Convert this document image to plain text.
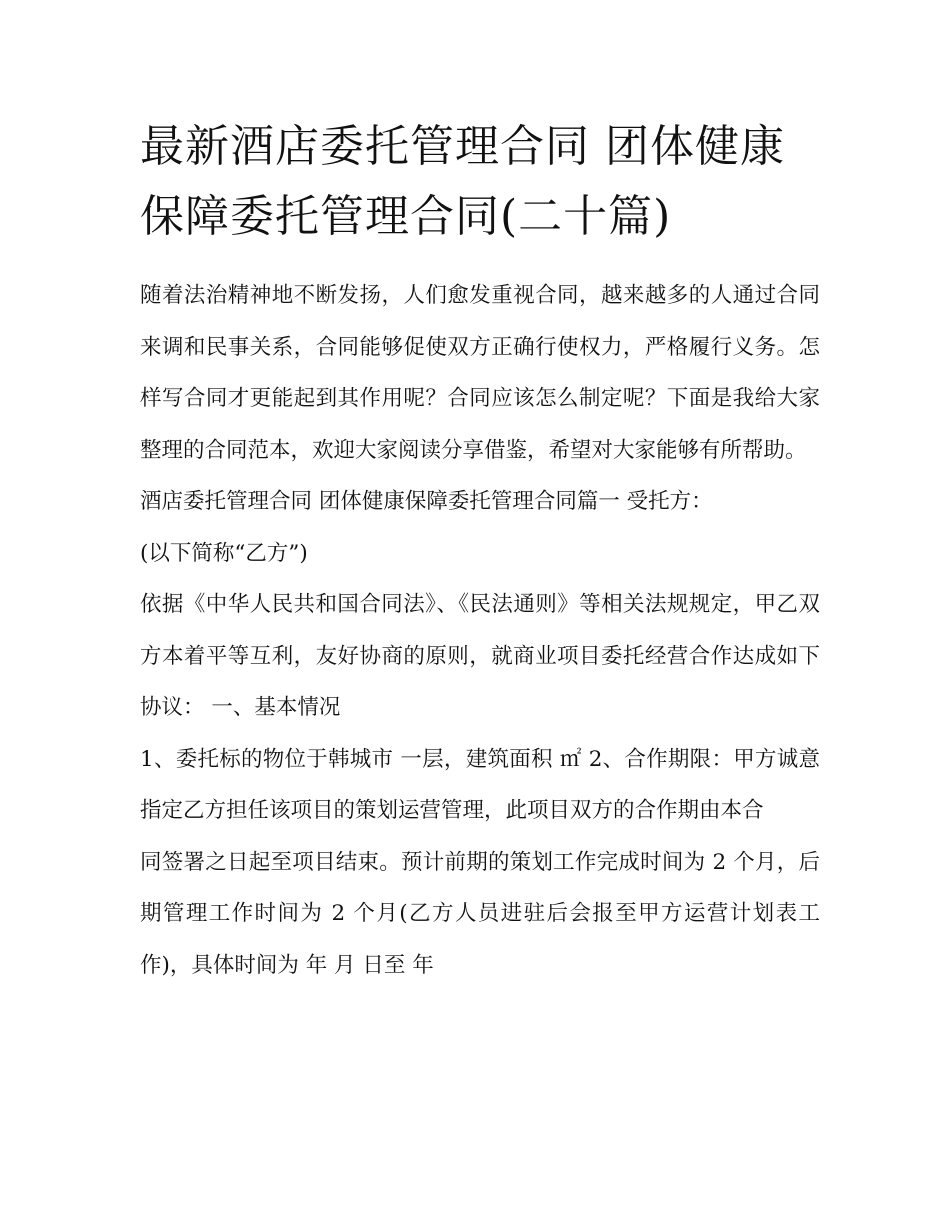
最新酒店委托管理合同 团体健康保障委托管理合同(二十篇)

随着法治精神地不断发扬，人们愈发重视合同，越来越多的人通过合同来调和民事关系，合同能够促使双方正确行使权力，严格履行义务。怎样写合同才更能起到其作用呢？合同应该怎么制定呢？下面是我给大家整理的合同范本，欢迎大家阅读分享借鉴，希望对大家能够有所帮助。

酒店委托管理合同 团体健康保障委托管理合同篇一 受托方：

(以下简称“乙方”)

依据《中华人民共和国合同法》、《民法通则》等相关法规规定，甲乙双方本着平等互利，友好协商的原则，就商业项目委托经营合作达成如下协议： 一、基本情况

1、委托标的物位于韩城市 一层，建筑面积 ㎡ 2、合作期限：甲方诚意指定乙方担任该项目的策划运营管理，此项目双方的合作期由本合

同签署之日起至项目结束。预计前期的策划工作完成时间为 2 个月，后期管理工作时间为 2 个月(乙方人员进驻后会报至甲方运营计划表工作)，具体时间为 年 月 日至 年
